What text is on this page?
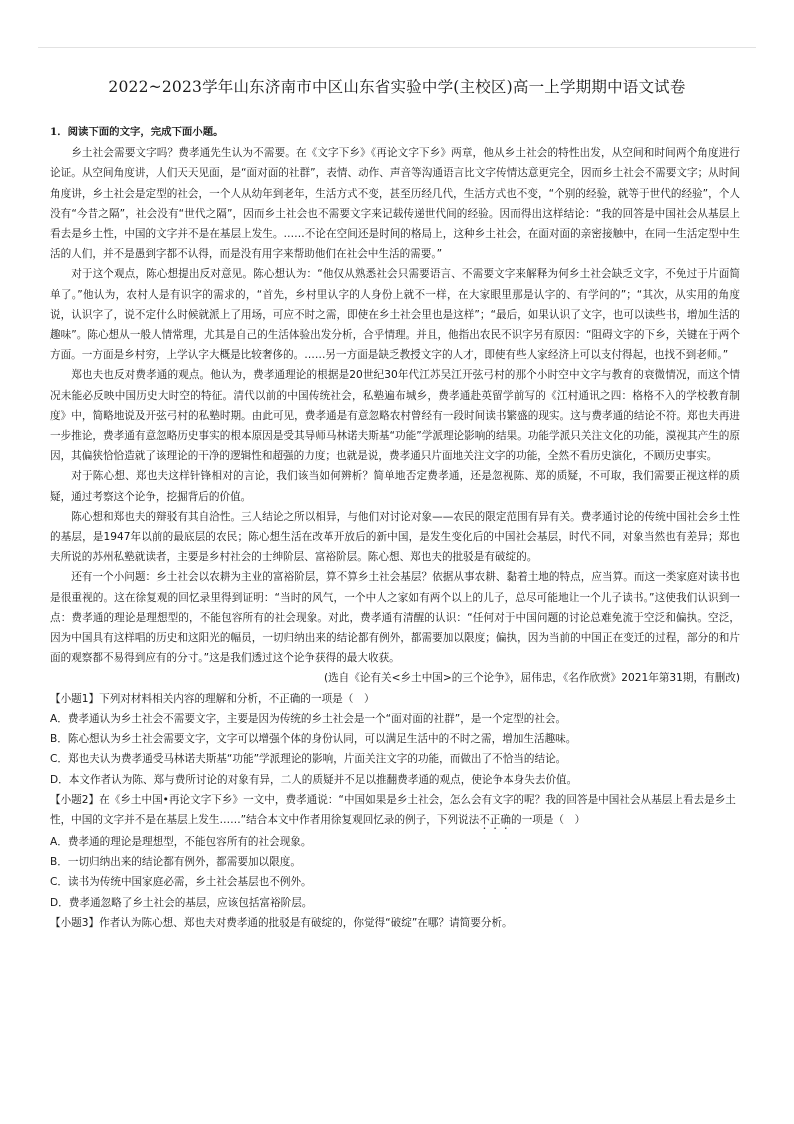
2022~2023学年山东济南市中区山东省实验中学(主校区)高一上学期期中语文试卷
1．阅读下面的文字，完成下面小题。

乡土社会需要文字吗？费孝通先生认为不需要。在《文字下乡》《再论文字下乡》两章，他从乡土社会的特性出发，从空间和时间两个角度进行论证。从空间角度讲，人们天天见面，是“面对面的社群”，表情、动作、声音等沟通语言比文字传情达意更完全，因而乡土社会不需要文字；从时间角度讲，乡土社会是定型的社会，一个人从幼年到老年，生活方式不变，甚至历经几代，生活方式也不变，“个别的经验，就等于世代的经验”，个人没有“今昔之隔”，社会没有“世代之隔”，因而乡土社会也不需要文字来记载传递世代间的经验。因而得出这样结论：“我的回答是中国社会从基层上看去是乡土性，中国的文字并不是在基层上发生。……不论在空间还是时间的格局上，这种乡土社会，在面对面的亲密接触中，在同一生活定型中生活的人们，并不是愚到字都不认得，而是没有用字来帮助他们在社会中生活的需要。”

对于这个观点，陈心想提出反对意见。陈心想认为：“他仅从熟悉社会只需要语言、不需要文字来解释为何乡土社会缺乏文字，不免过于片面简单了。”他认为，农村人是有识字的需求的，“首先，乡村里认字的人身份上就不一样，在大家眼里那是认字的、有学问的”；“其次，从实用的角度说，认识字了，说不定什么时候就派上了用场，可应不时之需，即使在乡土社会里也是这样”；“最后，如果认识了文字，也可以读些书，增加生活的趣味”。陈心想从一般人情常理，尤其是自己的生活体验出发分析，合乎情理。并且，他指出农民不识字另有原因：“阻碍文字的下乡，关键在于两个方面。一方面是乡村穷，上学认字大概是比较奢侈的。……另一方面是缺乏教授文字的人才，即使有些人家经济上可以支付得起，也找不到老师。”

郑也夫也反对费孝通的观点。他认为，费孝通理论的根据是20世纪30年代江苏吴江开弦弓村的那个小时空中文字与教育的衰微情况，而这个情况未能必反映中国历史大时空的特征。清代以前的中国传统社会，私塾遍布城乡，费孝通赴英留学前写的《江村通讯之四：格格不入的学校教育制度》中，简略地说及开弦弓村的私塾时期。由此可见，费孝通是有意忽略农村曾经有一段时间读书繁盛的现实。这与费孝通的结论不符。郑也夫再进一步推论，费孝通有意忽略历史事实的根本原因是受其导师马林诺夫斯基“功能”学派理论影响的结果。功能学派只关注文化的功能，漠视其产生的原因，其偏狭恰恰造就了该理论的干净的逻辑性和超强的力度；也就是说，费孝通只片面地关注文字的功能，全然不看历史演化，不顾历史事实。

对于陈心想、郑也夫这样针锋相对的言论，我们该当如何辨析？简单地否定费孝通，还是忽视陈、郑的质疑，不可取，我们需要正视这样的质疑，通过考察这个论争，挖掘背后的价值。

陈心想和郑也夫的辩驳有其自洽性。三人结论之所以相异，与他们对讨论对象——农民的限定范围有异有关。费孝通讨论的传统中国社会乡土性的基层，是1947年以前的最底层的农民；陈心想生活在改革开放后的新中国，是发生变化后的中国社会基层，时代不同，对象当然也有差异；郑也夫所说的苏州私塾就读者，主要是乡村社会的士绅阶层、富裕阶层。陈心想、郑也夫的批驳是有破绽的。

还有一个小问题：乡土社会以农耕为主业的富裕阶层，算不算乡土社会基层？依据从事农耕、黏着土地的特点，应当算。而这一类家庭对读书也是很重视的。这在徐复观的回忆录里得到证明：“当时的风气，一个中人之家如有两个以上的儿子，总尽可能地让一个儿子读书。”这使我们认识到一点：费孝通的理论是理想型的，不能包容所有的社会现象。对此，费孝通有清醒的认识：“任何对于中国问题的讨论总难免流于空泛和偏执。空泛，因为中国具有这样唱的历史和这阳光的幅员，一切归纳出来的结论都有例外，都需要加以限度；偏执，因为当前的中国正在变迁的过程，部分的和片面的观察都不易得到应有的分寸。”这是我们透过这个论争获得的最大收获。

(选自《论有关<乡土中国>的三个论争》，屈伟忠，《名作欣赏》2021年第31期，有删改)

【小题1】下列对材料相关内容的理解和分析，不正确的一项是（　）

A．费孝通认为乡土社会不需要文字，主要是因为传统的乡土社会是一个“面对面的社群”，是一个定型的社会。

B．陈心想认为乡土社会需要文字，文字可以增强个体的身份认同，可以满足生活中的不时之需，增加生活趣味。

C．郑也夫认为费孝通受马林诺夫斯基“功能”学派理论的影响，片面关注文字的功能，而做出了不恰当的结论。

D．本文作者认为陈、郑与费所讨论的对象有异，二人的质疑并不足以推翻费孝通的观点，使论争本身失去价值。

【小题2】在《乡土中国•再论文字下乡》一文中，费孝通说：“中国如果是乡土社会，怎么会有文字的呢？我的回答是中国社会从基层上看去是乡土性，中国的文字并不是在基层上发生……”结合本文中作者用徐复观回忆录的例子，下列说法不正确的一项是（　）

A．费孝通的理论是理想型，不能包容所有的社会现象。

B．一切归纳出来的结论都有例外，都需要加以限度。

C．读书为传统中国家庭必需，乡土社会基层也不例外。

D．费孝通忽略了乡土社会的基层，应该包括富裕阶层。

【小题3】作者认为陈心想、郑也夫对费孝通的批驳是有破绽的，你觉得“破绽”在哪？请简要分析。
